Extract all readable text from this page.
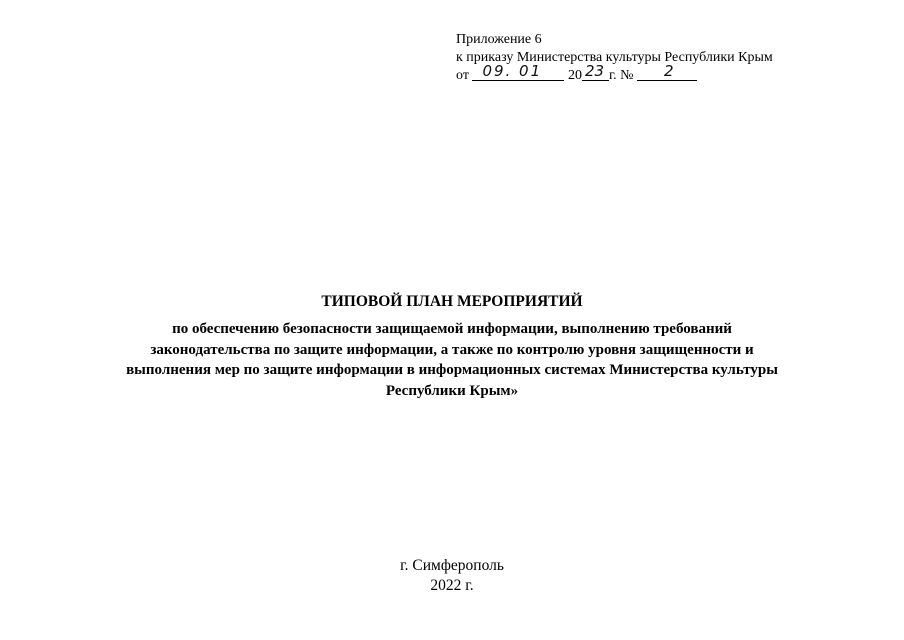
Приложение 6
к приказу Министерства культуры Республики Крым
от 09. 01 20 23 г. № 2
ТИПОВОЙ ПЛАН МЕРОПРИЯТИЙ
по обеспечению безопасности защищаемой информации, выполнению требований
законодательства по защите информации, а также по контролю уровня защищенности и
выполнения мер по защите информации в информационных системах Министерства культуры
Республики Крым»
г. Симферополь
2022 г.
